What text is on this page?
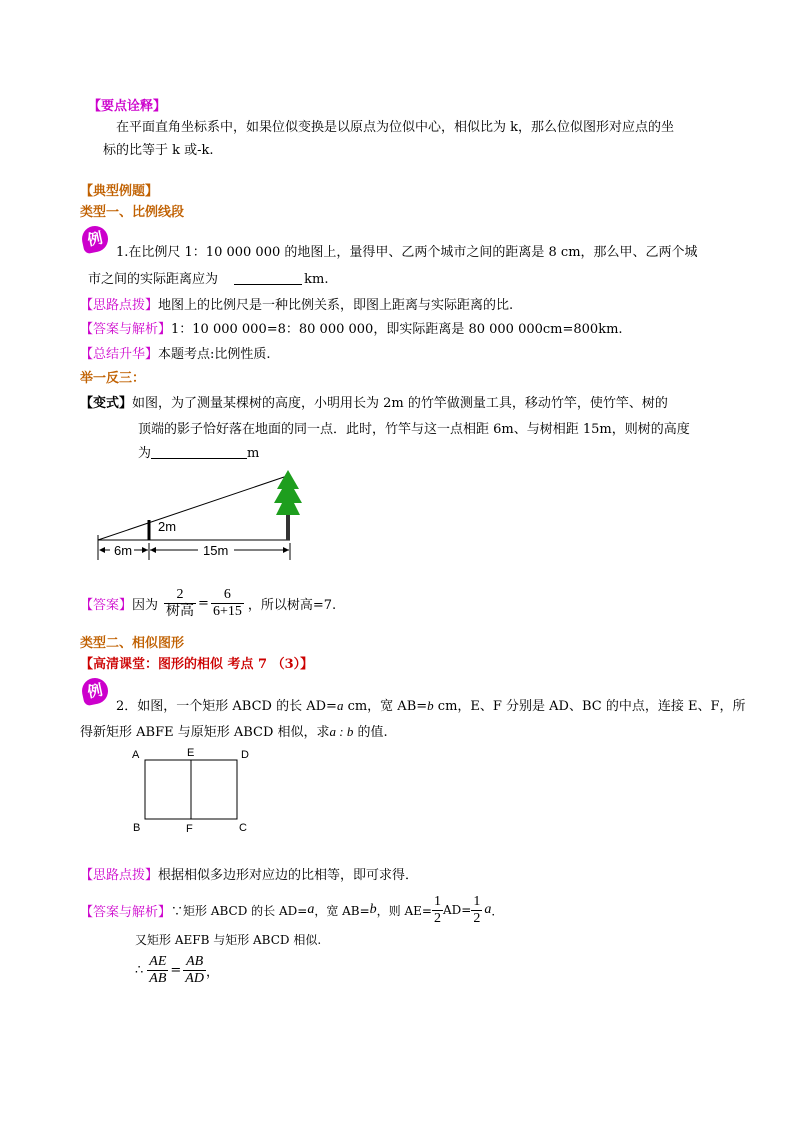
【要点诠释】
在平面直角坐标系中，如果位似变换是以原点为位似中心，相似比为 k，那么位似图形对应点的坐
标的比等于 k 或-k.
【典型例题】
类型一、比例线段
例
1.在比例尺 1：10 000 000 的地图上，量得甲、乙两个城市之间的距离是 8 cm，那么甲、乙两个城
市之间的实际距离应为	km.
【思路点拨】地图上的比例尺是一种比例关系，即图上距离与实际距离的比.
【答案与解析】1：10 000 000=8：80 000 000，即实际距离是 80 000 000cm=800km.
【总结升华】本题考点:比例性质.
举一反三：
【变式】如图，为了测量某棵树的高度，小明用长为 2m 的竹竿做测量工具，移动竹竿，使竹竿、树的
顶端的影子恰好落在地面的同一点．此时，竹竿与这一点相距 6m、与树相距 15m，则树的高度
为	m
2m
6m	15m
【答案】 因为 $\frac{2}{\text{树高}} = \frac{6}{6+15}$ ，所以树高=7.
类型二、相似图形
【高清课堂：图形的相似 考点 7 （3）】
例
2．如图，一个矩形 ABCD 的长 AD=a cm，宽 AB=b cm，E、F 分别是 AD、BC 的中点，连接 E、F，所
得新矩形 ABFE 与原矩形 ABCD 相似，求a : b 的值.
A	E	D
B	F	C
【思路点拨】根据相似多边形对应边的比相等，即可求得．
【答案与解析】 ∵矩形 ABCD 的长 AD= a ，宽 AB= b ，则 $AE= \frac{1}{2} AD= \frac{1}{2}$ a ．
又矩形 AEFB 与矩形 ABCD 相似.
∴ $\frac{AE}{AB} = \frac{AB}{AD}$ ，
